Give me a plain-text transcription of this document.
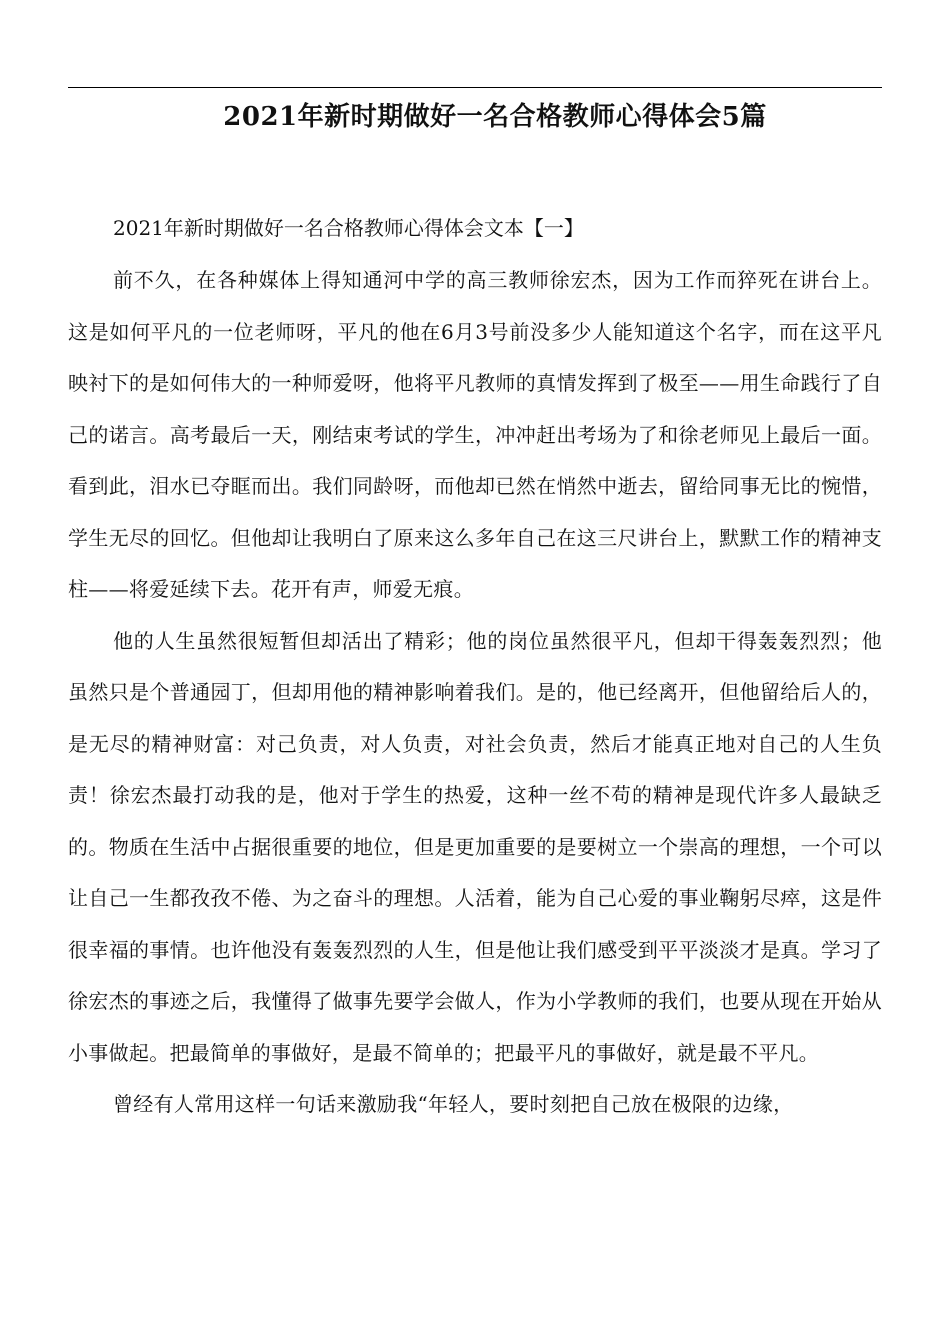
2021年新时期做好一名合格教师心得体会5篇
2021年新时期做好一名合格教师心得体会文本【一】

前不久，在各种媒体上得知通河中学的高三教师徐宏杰，因为工作而猝死在讲台上。这是如何平凡的一位老师呀，平凡的他在6月3号前没多少人能知道这个名字，而在这平凡映衬下的是如何伟大的一种师爱呀，他将平凡教师的真情发挥到了极至——用生命践行了自己的诺言。高考最后一天，刚结束考试的学生，冲冲赶出考场为了和徐老师见上最后一面。看到此，泪水已夺眶而出。我们同龄呀，而他却已然在悄然中逝去，留给同事无比的惋惜，学生无尽的回忆。但他却让我明白了原来这么多年自己在这三尺讲台上，默默工作的精神支柱——将爱延续下去。花开有声，师爱无痕。

他的人生虽然很短暂但却活出了精彩；他的岗位虽然很平凡，但却干得轰轰烈烈；他虽然只是个普通园丁，但却用他的精神影响着我们。是的，他已经离开，但他留给后人的，是无尽的精神财富：对己负责，对人负责，对社会负责，然后才能真正地对自己的人生负责！徐宏杰最打动我的是，他对于学生的热爱，这种一丝不苟的精神是现代许多人最缺乏的。物质在生活中占据很重要的地位，但是更加重要的是要树立一个崇高的理想，一个可以让自己一生都孜孜不倦、为之奋斗的理想。人活着，能为自己心爱的事业鞠躬尽瘁，这是件很幸福的事情。也许他没有轰轰烈烈的人生，但是他让我们感受到平平淡淡才是真。学习了徐宏杰的事迹之后，我懂得了做事先要学会做人，作为小学教师的我们，也要从现在开始从小事做起。把最简单的事做好，是最不简单的；把最平凡的事做好，就是最不平凡。

曾经有人常用这样一句话来激励我“年轻人，要时刻把自己放在极限的边缘，
